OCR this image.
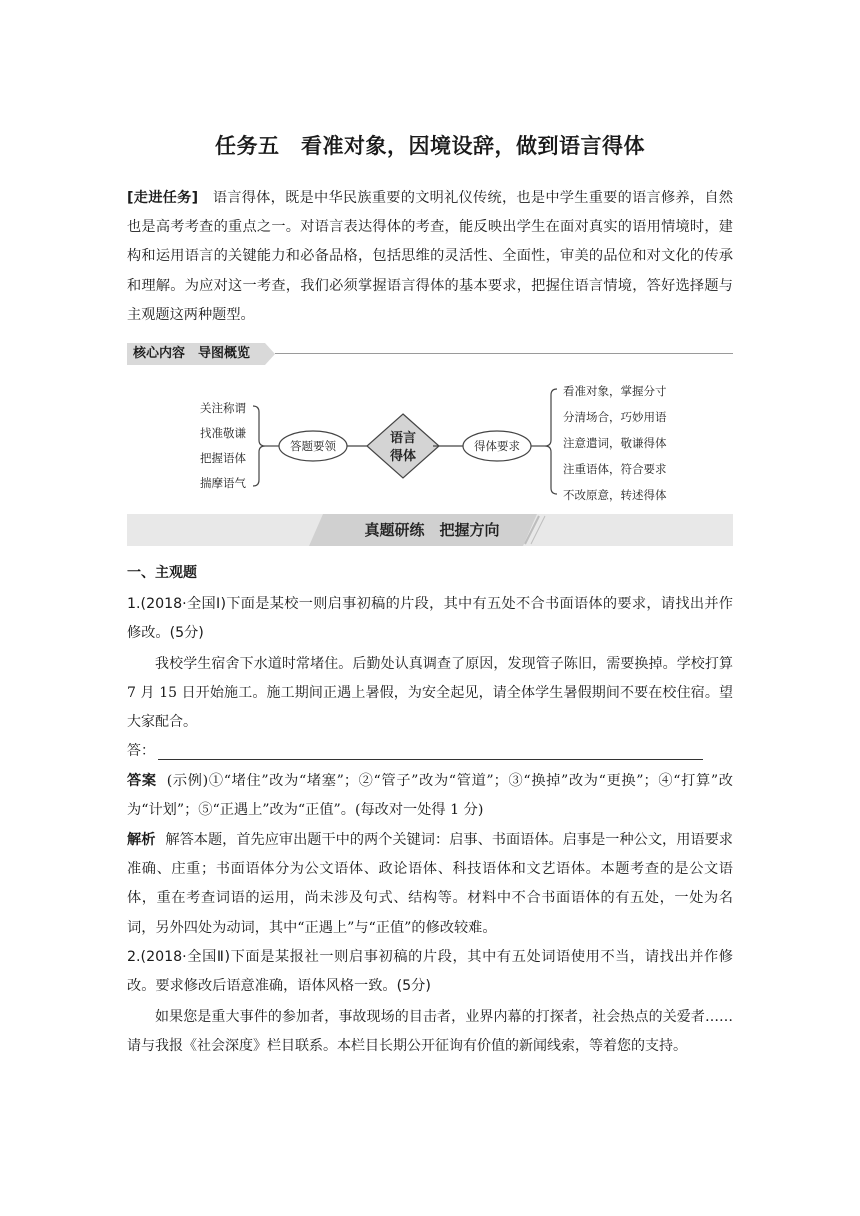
任务五　看准对象，因境设辞，做到语言得体

[走进任务]　 语言得体，既是中华民族重要的文明礼仪传统，也是中学生重要的语言修养，自然也是高考考查的重点之一。对语言表达得体的考查，能反映出学生在面对真实的语用情境时，建构和运用语言的关键能力和必备品格，包括思维的灵活性、全面性，审美的品位和对文化的传承和理解。为应对这一考查，我们必须掌握语言得体的基本要求，把握住语言情境，答好选择题与主观题这两种题型。

核心内容　导图概览
关注称谓
找准敬谦
把握语体
揣摩语气
答题要领	语言
得体
得体要求
看准对象，掌握分寸
分清场合，巧妙用语
注意遣词，敬谦得体
注重语体，符合要求
不改原意，转述得体
真题研练　把握方向
一、主观题

1.(2018·全国Ⅰ)下面是某校一则启事初稿的片段，其中有五处不合书面语体的要求，请找出并作修改。(5分)

我校学生宿舍下水道时常堵住。后勤处认真调查了原因，发现管子陈旧，需要换掉。学校打算 7 月 15 日开始施工。施工期间正遇上暑假，为安全起见，请全体学生暑假期间不要在校住宿。望大家配合。

答：

答案 (示例)①“堵住”改为“堵塞”；②“管子”改为“管道”；③“换掉”改为“更换”；④“打算”改为“计划”；⑤“正遇上”改为“正值”。(每改对一处得 1 分)

解析 解答本题，首先应审出题干中的两个关键词：启事、书面语体。启事是一种公文，用语要求准确、庄重；书面语体分为公文语体、政论语体、科技语体和文艺语体。本题考查的是公文语体，重在考查词语的运用，尚未涉及句式、结构等。材料中不合书面语体的有五处，一处为名词，另外四处为动词，其中“正遇上”与“正值”的修改较难。

2.(2018·全国Ⅱ)下面是某报社一则启事初稿的片段，其中有五处词语使用不当，请找出并作修改。要求修改后语意准确，语体风格一致。(5分)

如果您是重大事件的参加者，事故现场的目击者，业界内幕的打探者，社会热点的关爱者……请与我报《社会深度》栏目联系。本栏目长期公开征询有价值的新闻线索，等着您的支持。
